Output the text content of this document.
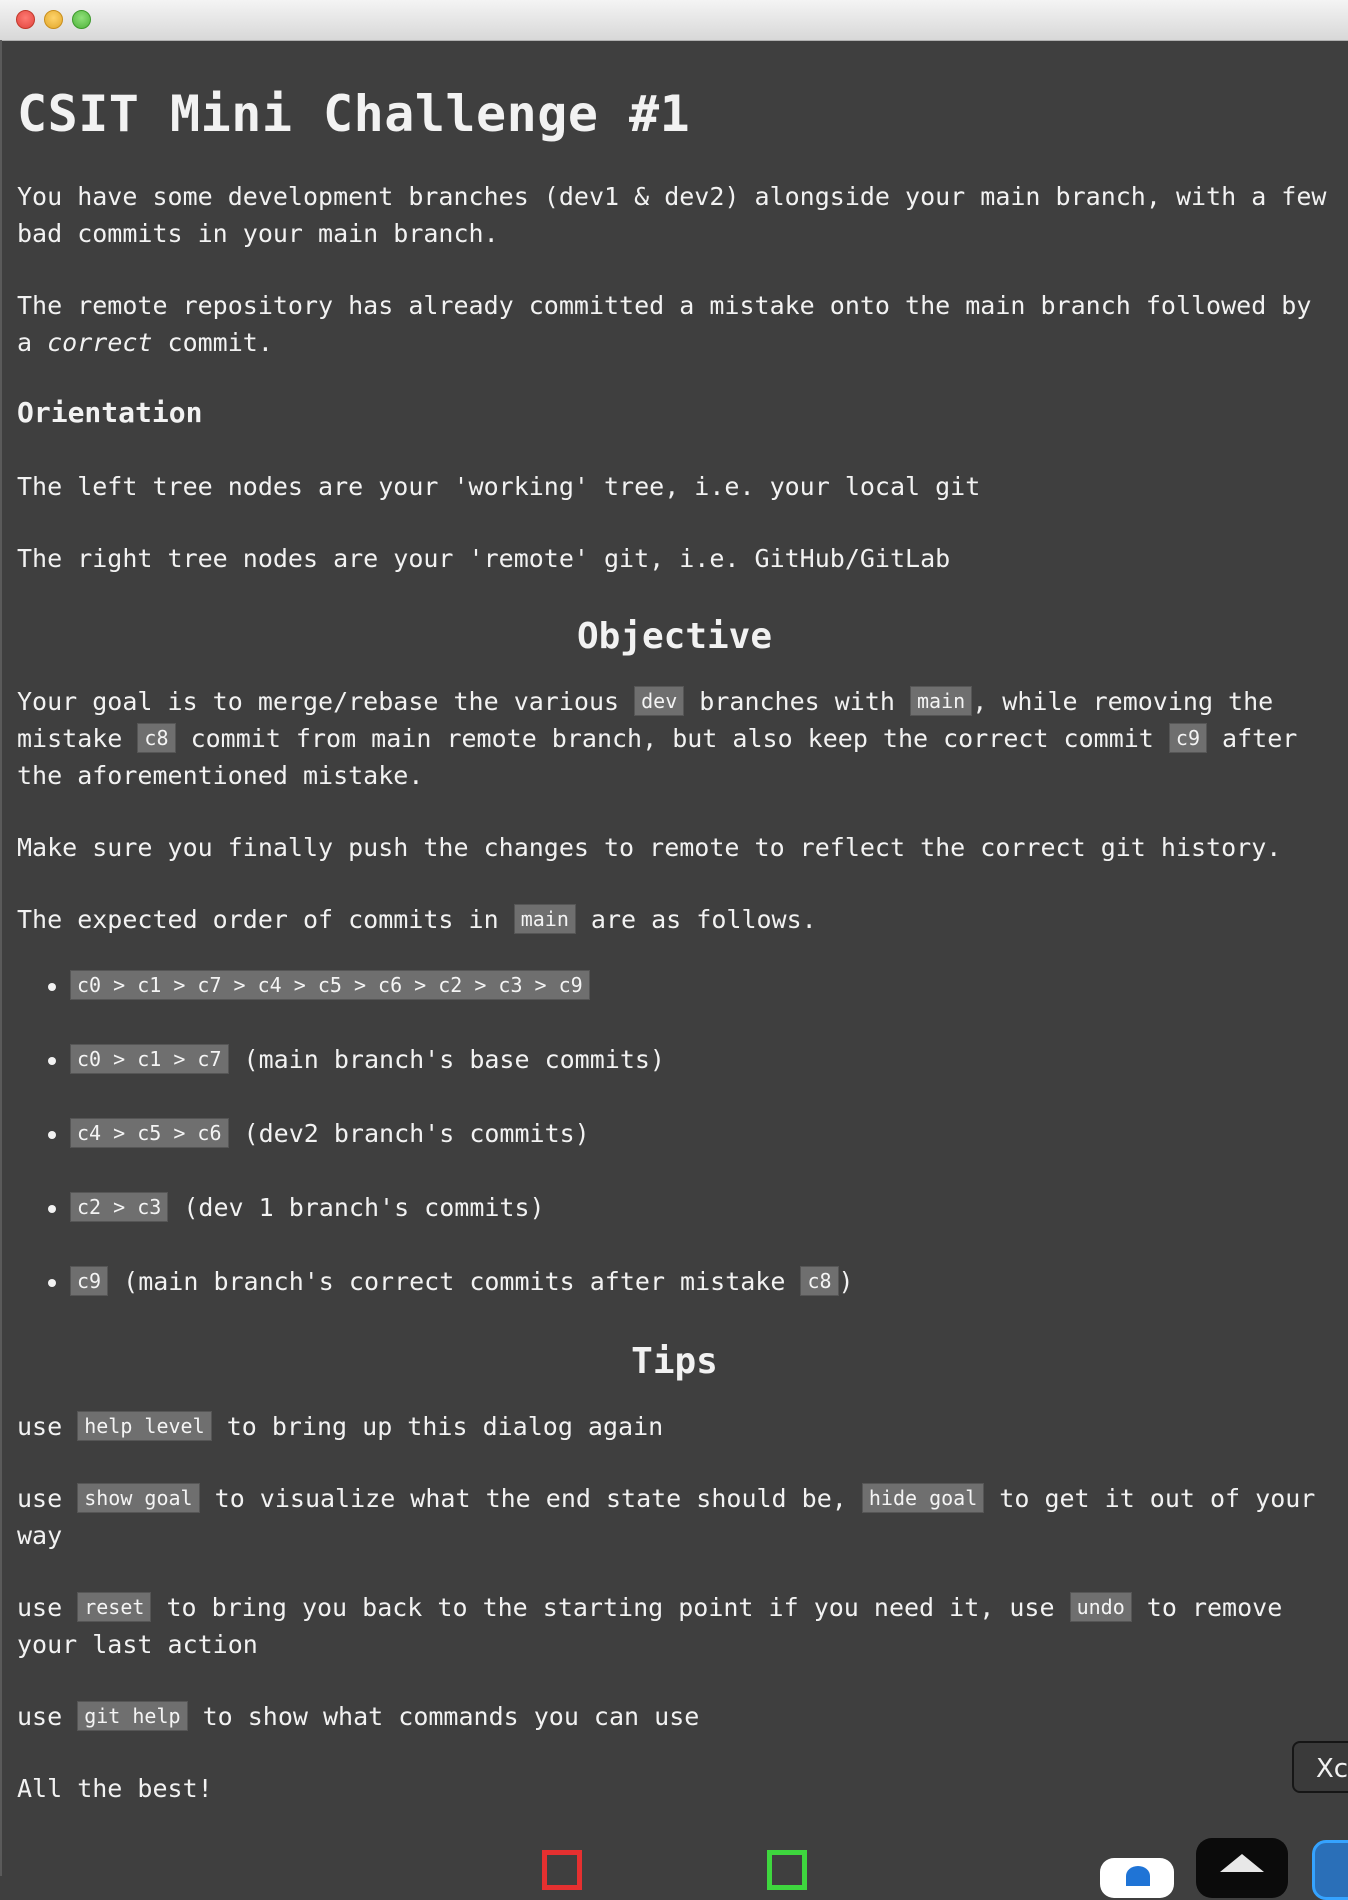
CSIT Mini Challenge #1

You have some development branches (dev1 & dev2) alongside your main branch, with a few bad commits in your main branch.

The remote repository has already committed a mistake onto the main branch followed by a correct commit.

Orientation

The left tree nodes are your 'working' tree, i.e. your local git

The right tree nodes are your 'remote' git, i.e. GitHub/GitLab

Objective

Your goal is to merge/rebase the various dev branches with main , while removing the mistake c8 commit from main remote branch, but also keep the correct commit c9 after the aforementioned mistake.

Make sure you finally push the changes to remote to reflect the correct git history.

The expected order of commits in main are as follows.

• c0 > c1 > c7 > c4 > c5 > c6 > c2 > c3 > c9
• c0 > c1 > c7 (main branch's base commits)
• c4 > c5 > c6 (dev2 branch's commits)
• c2 > c3 (dev 1 branch's commits)
• c9 (main branch's correct commits after mistake c8 )
Tips

use help level to bring up this dialog again

use show goal to visualize what the end state should be, hide goal to get it out of your way

use reset to bring you back to the starting point if you need it, use undo to remove your last action

use git help to show what commands you can use

All the best!

Xc
